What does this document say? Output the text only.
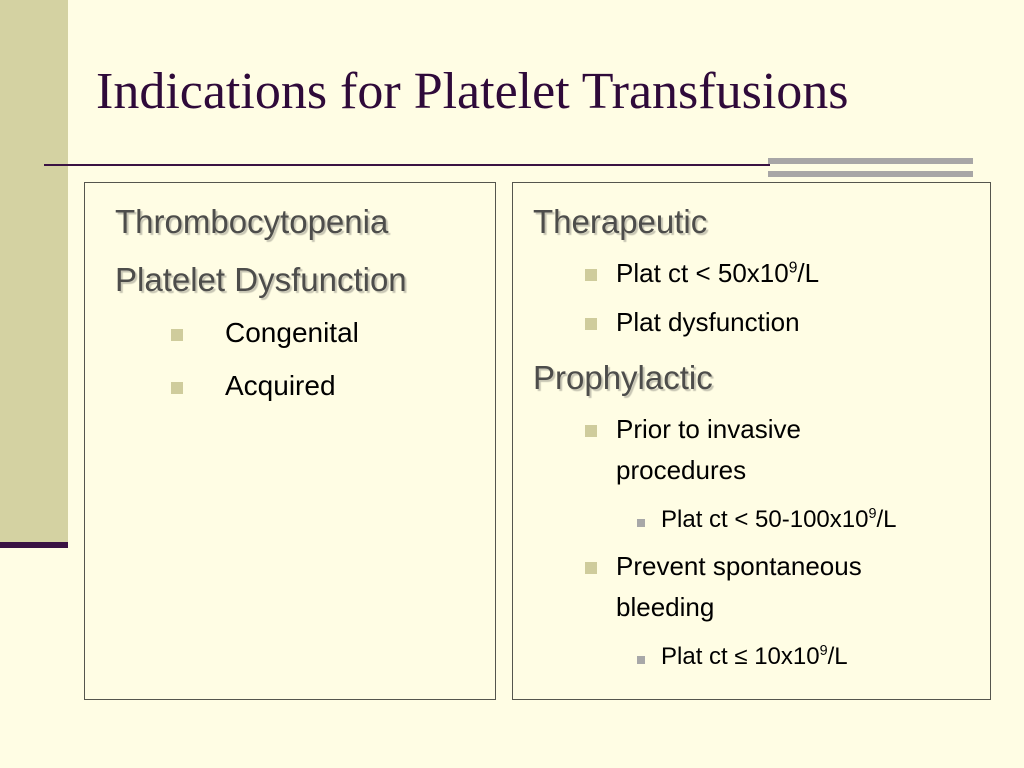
Indications for Platelet Transfusions
Thrombocytopenia
Platelet Dysfunction
Congenital
Acquired
Therapeutic
Plat ct < $50x10^9/L$
Plat dysfunction
Prophylactic
Prior to invasive
procedures
Plat ct < $50-100x10^9/L$
Prevent spontaneous
bleeding
Plat ct ≤ $10x10^9/L$
